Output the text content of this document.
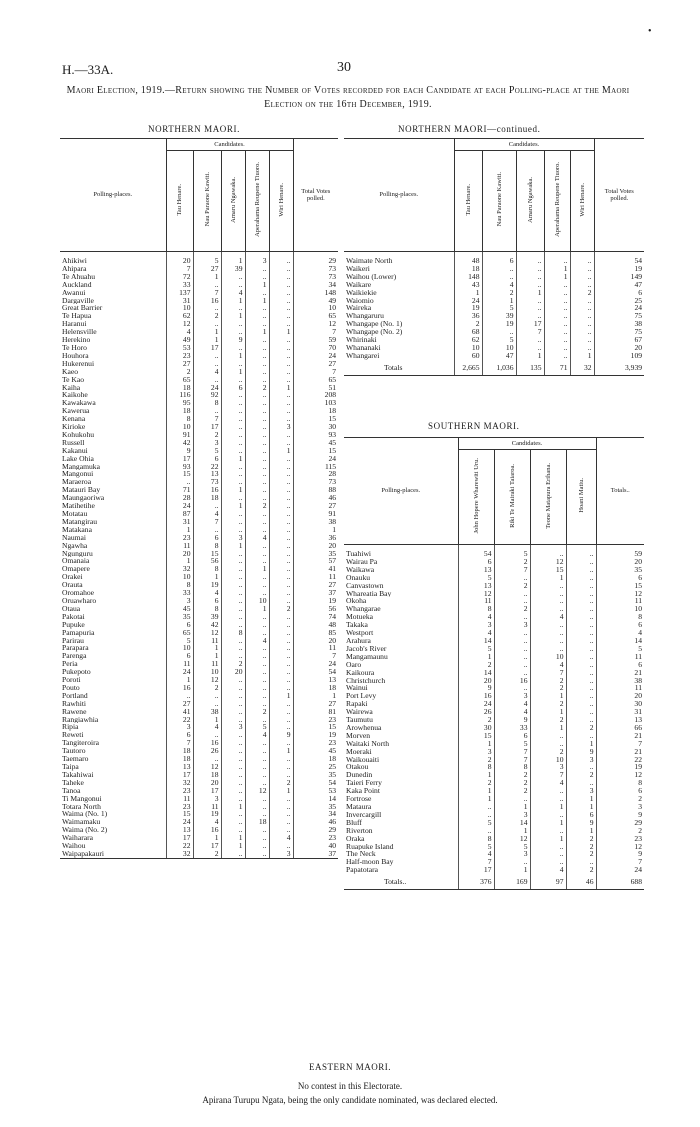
•
H.—33A.	30
Maori Election, 1919.—Return showing the Number of Votes recorded for each Candidate at each Polling-place at the Maori Election on the 16th December, 1919.
NORTHERN MAORI.	NORTHERN MAORI—continued.
SOUTHERN MAORI.
Polling-places.	Candidates.					Total Votes polled.
	Tau Henare.	Nau Paraone Kawiti.	Amaru Ngawaka.	Aperahama Reupene Tiuoro.	Wiri Henare.	
Ahikiwi	20	5	1	3	..	29
Ahipara	7	27	39	..	..	73
Te Ahuahu	72	1	..	..	..	73
Auckland	33	..	..	1	..	34
Awanui	137	7	4	..	..	148
Dargaville	31	16	1	1	..	49
Great Barrier	10	..	..	..	..	10
Te Hapua	62	2	1	..	..	65
Haranui	12	..	..	..	..	12
Helensville	4	1	..	1	1	7
Herekino	49	1	9	..	..	59
Te Horo	53	17	..	..	..	70
Houhora	23	..	1	..	..	24
Hukerenui	27	..	..	..	..	27
Kaeo	2	4	1	..	..	7
Te Kao	65	..	..	..	..	65
Kaiha	18	24	6	2	1	51
Kaikohe	116	92	..	..	..	208
Kawakawa	95	8	..	..	..	103
Kawerua	18	..	..	..	..	18
Kenana	8	7	..	..	..	15
Kirioke	10	17	..	..	3	30
Kohukohu	91	2	..	..	..	93
Russell	42	3	..	..	..	45
Kakanui	9	5	..	..	1	15
Lake Ohia	17	6	1	..	..	24
Mangamuka	93	22	..	..	..	115
Mangonui	15	13	..	..	..	28
Maraeroa	..	73	..	..	..	73
Matauri Bay	71	16	1	..	..	88
Maungaoriwa	28	18	..	..	..	46
Matihetihe	24	..	1	2	..	27
Motatau	87	4	..	..	..	91
Matangirau	31	7	..	..	..	38
Matakana	1	..	..	..	..	1
Naumai	23	6	3	4	..	36
Ngawha	11	8	1	..	..	20
Ngunguru	20	15	..	..	..	35
Omanaia	1	56	..	..	..	57
Omapere	32	8	..	1	..	41
Orakei	10	1	..	..	..	11
Orauta	8	19	..	..	..	27
Oromahoe	33	4	..	..	..	37
Oruawharo	3	6	..	10	..	19
Otaua	45	8	..	1	2	56
Pakotai	35	39	..	..	..	74
Pupuke	6	42	..	..	..	48
Pamapuria	65	12	8	..	..	85
Parirau	5	11	..	4	..	20
Parapara	10	1	..	..	..	11
Parenga	6	1	..	..	..	7
Peria	11	11	2	..	..	24
Pukepoto	24	10	20	..	..	54
Poroti	1	12	..	..	..	13
Pouto	16	2	..	..	..	18
Portland	..	..	..	..	1	1
Rawhiti	27	..	..	..	..	27
Rawene	41	38	..	2	..	81
Rangiawhia	22	1	..	..	..	23
Ripia	3	4	3	5	..	15
Reweti	6	..	..	4	9	19
Tangiteroira	7	16	..	..	..	23
Tautoro	18	26	..	..	1	45
Taemaro	18	..	..	..	..	18
Taipa	13	12	..	..	..	25
Takahiwai	17	18	..	..	..	35
Taheke	32	20	..	..	2	54
Tanoa	23	17	..	12	1	53
Ti Mangonui	11	3	..	..	..	14
Totara North	23	11	1	..	..	35
Waima (No. 1)	15	19	..	..	..	34
Waimamaku	24	4	..	18	..	46
Waima (No. 2)	13	16	..	..	..	29
Waiharara	17	1	1	..	4	23
Waihou	22	17	1	..	..	40
Waipapakauri	32	2	..	..	3	37
Polling-places.	Candidates.					Total Votes polled.
	Tau Henare.	Nau Paraone Kawiti.	Amaru Ngawaka.	Aperahama Reupene Tiuoro.	Wiri Henare.	
Waimate North	48	6	..	..	..	54
Waikeri	18	..	..	1	..	19
Waihou (Lower)	148	..	..	1	..	149
Waikare	43	4	..	..	..	47
Waikiekie	1	2	1	..	2	6
Waiomio	24	1	..	..	..	25
Waireka	19	5	..	..	..	24
Whangaruru	36	39	..	..	..	75
Whangape (No. 1)	2	19	17	..	..	38
Whangape (No. 2)	68	..	7	..	..	75
Whirinaki	62	5	..	..	..	67
Whananaki	10	10	..	..	..	20
Whangarei	60	47	1	..	1	109
Totals	2,665	1,036	135	71	32	3,939
Polling-places.	Candidates.				Totals..
	John Hopere Wharewiti Uru.	Riki Te Mairaki Taiaroa.	Teone Matapura Erihana.	Hoani Matiu.	
Tuahiwi	54	5	..	..	59
Wairau Pa	6	2	12	..	20
Waikawa	13	7	15	..	35
Onauku	5	..	1	..	6
Canvastown	13	2	..	..	15
Whareatia Bay	12	..	..	..	12
Okoha	11	..	..	..	11
Whangarae	8	2	..	..	10
Motueka	4	..	4	..	8
Takaka	3	3	..	..	6
Westport	4	..	..	..	4
Arahura	14	..	..	..	14
Jacob's River	5	..	..	..	5
Mangamaunu	1	..	10	..	11
Oaro	2	..	4	..	6
Kaikoura	14	..	7	..	21
Christchurch	20	16	2	..	38
Wainui	9	..	2	..	11
Port Levy	16	3	1	..	20
Rapaki	24	4	2	..	30
Wairewa	26	4	1	..	31
Taumutu	2	9	2	..	13
Arowhenua	30	33	1	2	66
Morven	15	6	..	..	21
Waitaki North	1	5	..	1	7
Moeraki	3	7	2	9	21
Waikouaiti	2	7	10	3	22
Otakou	8	8	3	..	19
Dunedin	1	2	7	2	12
Taieri Ferry	2	2	4	..	8
Kaka Point	1	2	..	3	6
Fortrose	1	..	..	1	2
Mataura	..	1	1	1	3
Invercargill	..	3	..	6	9
Bluff	5	14	1	9	29
Riverton	..	1	..	1	2
Oraka	8	12	1	2	23
Ruapuke Island	5	5	..	2	12
The Neck	4	3	..	2	9
Half-moon Bay	7	..	..	..	7
Papatotara	17	1	4	2	24
Totals..	376	169	97	46	688
EASTERN MAORI.
No contest in this Electorate.
Apirana Turupu Ngata, being the only candidate nominated, was declared elected.
